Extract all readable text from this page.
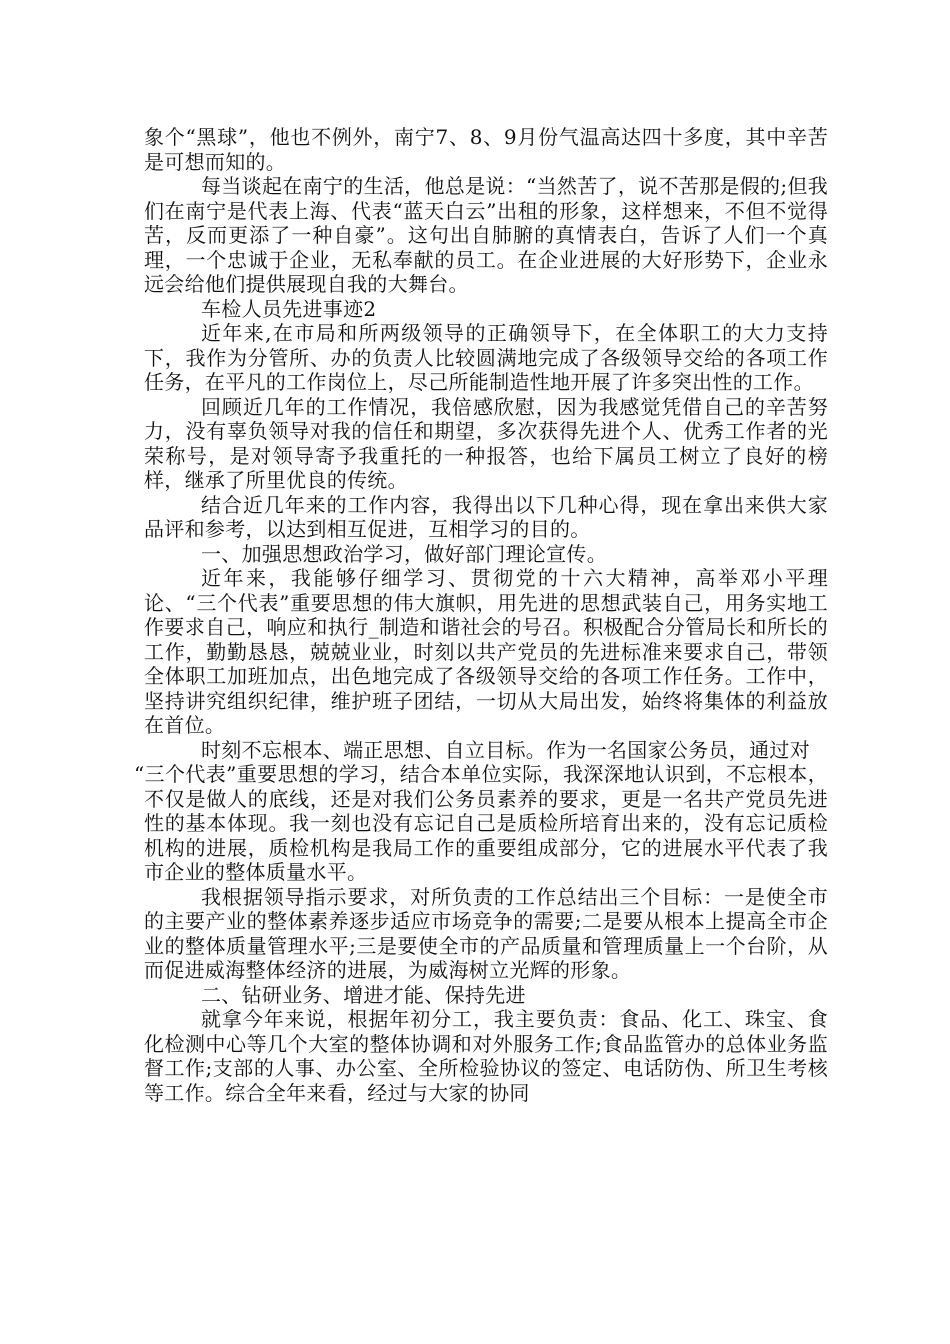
象个“黑球”，他也不例外，南宁7、8、9月份气温高达四十多度，其中辛苦是可想而知的。

每当谈起在南宁的生活，他总是说：“当然苦了，说不苦那是假的;但我们在南宁是代表上海、代表“蓝天白云”出租的形象，这样想来，不但不觉得苦，反而更添了一种自豪”。这句出自肺腑的真情表白，告诉了人们一个真理，一个忠诚于企业，无私奉献的员工。在企业进展的大好形势下，企业永远会给他们提供展现自我的大舞台。

车检人员先进事迹2

近年来,在市局和所两级领导的正确领导下，在全体职工的大力支持下，我作为分管所、办的负责人比较圆满地完成了各级领导交给的各项工作任务，在平凡的工作岗位上，尽己所能制造性地开展了许多突出性的工作。

回顾近几年的工作情况，我倍感欣慰，因为我感觉凭借自己的辛苦努力，没有辜负领导对我的信任和期望，多次获得先进个人、优秀工作者的光荣称号，是对领导寄予我重托的一种报答，也给下属员工树立了良好的榜样，继承了所里优良的传统。

结合近几年来的工作内容，我得出以下几种心得，现在拿出来供大家品评和参考，以达到相互促进，互相学习的目的。

一、加强思想政治学习，做好部门理论宣传。

近年来，我能够仔细学习、贯彻党的十六大精神，高举邓小平理论、“三个代表”重要思想的伟大旗帜，用先进的思想武装自己，用务实地工作要求自己，响应和执行_制造和谐社会的号召。积极配合分管局长和所长的工作，勤勤恳恳，兢兢业业，时刻以共产党员的先进标准来要求自己，带领全体职工加班加点，出色地完成了各级领导交给的各项工作任务。工作中，坚持讲究组织纪律，维护班子团结，一切从大局出发，始终将集体的利益放在首位。

时刻不忘根本、端正思想、自立目标。作为一名国家公务员，通过对

“三个代表”重要思想的学习，结合本单位实际，我深深地认识到，不忘根本，不仅是做人的底线，还是对我们公务员素养的要求，更是一名共产党员先进性的基本体现。我一刻也没有忘记自己是质检所培育出来的，没有忘记质检机构的进展，质检机构是我局工作的重要组成部分，它的进展水平代表了我市企业的整体质量水平。

我根据领导指示要求，对所负责的工作总结出三个目标：一是使全市的主要产业的整体素养逐步适应市场竞争的需要;二是要从根本上提高全市企业的整体质量管理水平;三是要使全市的产品质量和管理质量上一个台阶，从而促进威海整体经济的进展，为威海树立光辉的形象。

二、钻研业务、增进才能、保持先进

就拿今年来说，根据年初分工，我主要负责：食品、化工、珠宝、食化检测中心等几个大室的整体协调和对外服务工作;食品监管办的总体业务监督工作;支部的人事、办公室、全所检验协议的签定、电话防伪、所卫生考核等工作。综合全年来看，经过与大家的协同
